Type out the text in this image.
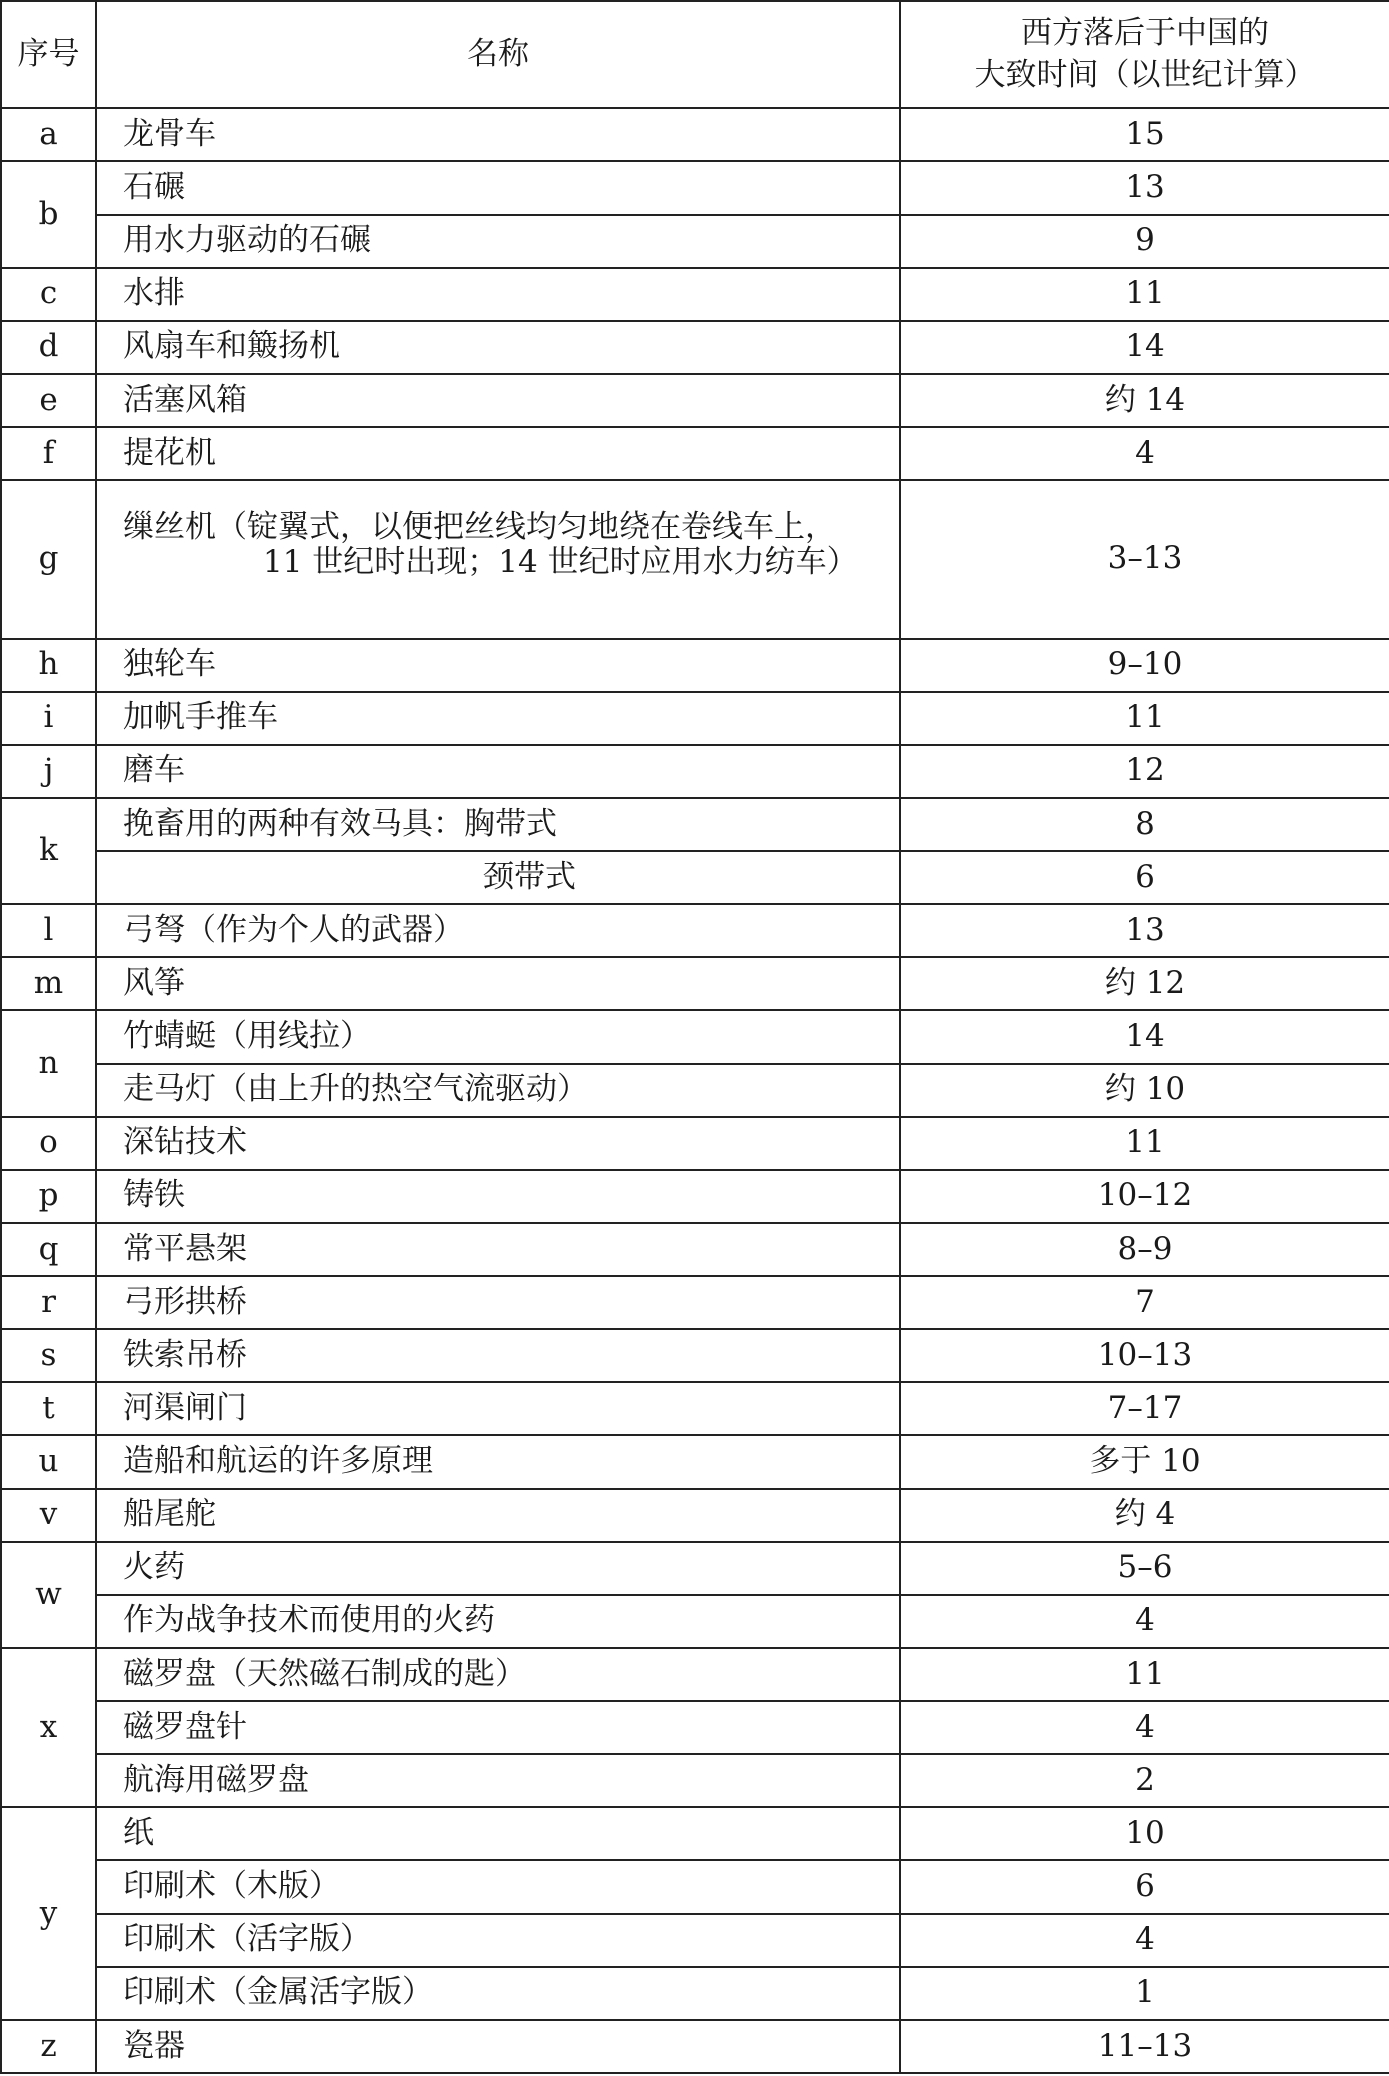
序号	名称	西方落后于中国的
大致时间（以世纪计算）
a	龙骨车	15
b	石碾	13
	用水力驱动的石碾	9
c	水排	11
d	风扇车和簸扬机	14
e	活塞风箱	约 14
f	提花机	4
g	缫丝机（锭翼式，以便把丝线均匀地绕在卷线车上，
11 世纪时出现；14 世纪时应用水力纺车）	3–13
h	独轮车	9–10
i	加帆手推车	11
j	磨车	12
k	挽畜用的两种有效马具：胸带式	8
	颈带式	6
l	弓弩（作为个人的武器）	13
m	风筝	约 12
n	竹蜻蜓（用线拉）	14
	走马灯（由上升的热空气流驱动）	约 10
o	深钻技术	11
p	铸铁	10–12
q	常平悬架	8–9
r	弓形拱桥	7
s	铁索吊桥	10–13
t	河渠闸门	7–17
u	造船和航运的许多原理	多于 10
v	船尾舵	约 4
w	火药	5–6
	作为战争技术而使用的火药	4
x	磁罗盘（天然磁石制成的匙）	11
	磁罗盘针	4
	航海用磁罗盘	2
y	纸	10
	印刷术（木版）	6
	印刷术（活字版）	4
	印刷术（金属活字版）	1
z	瓷器	11–13
